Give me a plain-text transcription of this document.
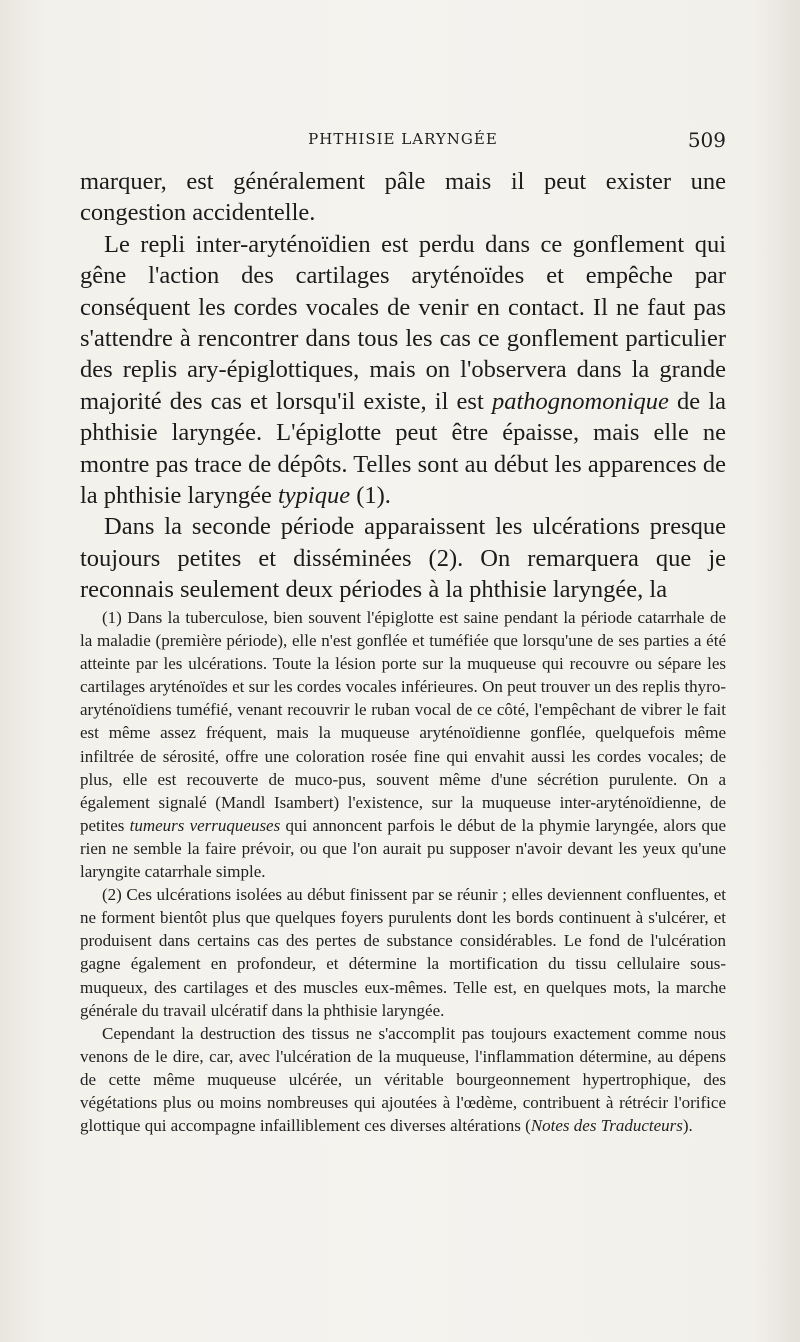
PHTHISIE LARYNGÉE	509

marquer, est généralement pâle mais il peut exister une congestion accidentelle.

Le repli inter-aryténoïdien est perdu dans ce gonflement qui gêne l'action des cartilages aryténoïdes et empêche par conséquent les cordes vocales de venir en contact. Il ne faut pas s'attendre à rencontrer dans tous les cas ce gonflement particulier des replis ary-épiglottiques, mais on l'observera dans la grande majorité des cas et lorsqu'il existe, il est pathognomonique de la phthisie laryngée. L'épiglotte peut être épaisse, mais elle ne montre pas trace de dépôts. Telles sont au début les apparences de la phthisie laryngée typique (1).

Dans la seconde période apparaissent les ulcérations presque toujours petites et disséminées (2). On remarquera que je reconnais seulement deux périodes à la phthisie laryngée, la

(1) Dans la tuberculose, bien souvent l'épiglotte est saine pendant la période catarrhale de la maladie (première période), elle n'est gonflée et tuméfiée que lorsqu'une de ses parties a été atteinte par les ulcérations. Toute la lésion porte sur la muqueuse qui recouvre ou sépare les cartilages aryténoïdes et sur les cordes vocales inférieures. On peut trouver un des replis thyro-aryténoïdiens tuméfié, venant recouvrir le ruban vocal de ce côté, l'empêchant de vibrer le fait est même assez fréquent, mais la muqueuse aryténoïdienne gonflée, quelquefois même infiltrée de sérosité, offre une coloration rosée fine qui envahit aussi les cordes vocales; de plus, elle est recouverte de muco-pus, souvent même d'une sécrétion purulente. On a également signalé (Mandl Isambert) l'existence, sur la muqueuse inter-aryténoïdienne, de petites tumeurs verruqueuses qui annoncent parfois le début de la phymie laryngée, alors que rien ne semble la faire prévoir, ou que l'on aurait pu supposer n'avoir devant les yeux qu'une laryngite catarrhale simple.

(2) Ces ulcérations isolées au début finissent par se réunir ; elles deviennent confluentes, et ne forment bientôt plus que quelques foyers purulents dont les bords continuent à s'ulcérer, et produisent dans certains cas des pertes de substance considérables. Le fond de l'ulcération gagne également en profondeur, et détermine la mortification du tissu cellulaire sous-muqueux, des cartilages et des muscles eux-mêmes. Telle est, en quelques mots, la marche générale du travail ulcératif dans la phthisie laryngée.

Cependant la destruction des tissus ne s'accomplit pas toujours exactement comme nous venons de le dire, car, avec l'ulcération de la muqueuse, l'inflammation détermine, au dépens de cette même muqueuse ulcérée, un véritable bourgeonnement hypertrophique, des végétations plus ou moins nombreuses qui ajoutées à l'œdème, contribuent à rétrécir l'orifice glottique qui accompagne infailliblement ces diverses altérations (Notes des Traducteurs).
